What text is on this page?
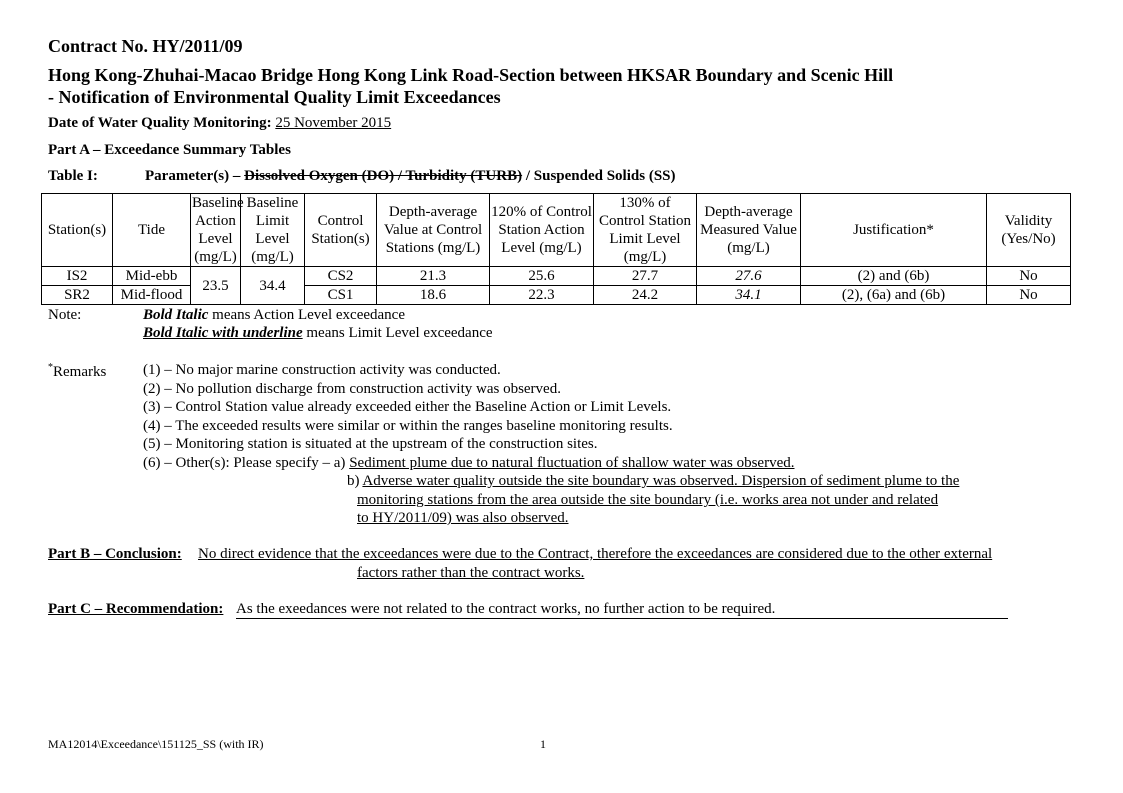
Contract No. HY/2011/09
Hong Kong-Zhuhai-Macao Bridge Hong Kong Link Road-Section between HKSAR Boundary and Scenic Hill
- Notification of Environmental Quality Limit Exceedances
Date of Water Quality Monitoring: 25 November 2015
Part A – Exceedance Summary Tables
Table I:	Parameter(s) – Dissolved Oxygen (DO) / Turbidity (TURB) / Suspended Solids (SS)
Station(s)	Tide	Baseline Action Level (mg/L)	Baseline Limit Level (mg/L)	Control Station(s)	Depth-average Value at Control Stations (mg/L)	120% of Control Station Action Level (mg/L)	130% of Control Station Limit Level (mg/L)	Depth-average Measured Value (mg/L)	Justification*	Validity (Yes/No)
IS2	Mid-ebb	23.5	34.4	CS2	21.3	25.6	27.7	27.6	(2) and (6b)	No
SR2	Mid-flood			CS1	18.6	22.3	24.2	34.1	(2), (6a) and (6b)	No
Note:	Bold Italic means Action Level exceedance
Bold Italic with underline means Limit Level exceedance
*Remarks (1) – No major marine construction activity was conducted.
(2) – No pollution discharge from construction activity was observed.
(3) – Control Station value already exceeded either the Baseline Action or Limit Levels.
(4) – The exceeded results were similar or within the ranges baseline monitoring results.
(5) – Monitoring station is situated at the upstream of the construction sites.
(6) – Other(s): Please specify – a) Sediment plume due to natural fluctuation of shallow water was observed.
b) Adverse water quality outside the site boundary was observed. Dispersion of sediment plume to the
monitoring stations from the area outside the site boundary (i.e. works area not under and related
to HY/2011/09) was also observed.
Part B – Conclusion: No direct evidence that the exceedances were due to the Contract, therefore the exceedances are considered due to the other external
factors rather than the contract works.
Part C – Recommendation: As the exeedances were not related to the contract works, no further action to be required.
MA12014\Exceedance\151125_SS (with IR)	1
